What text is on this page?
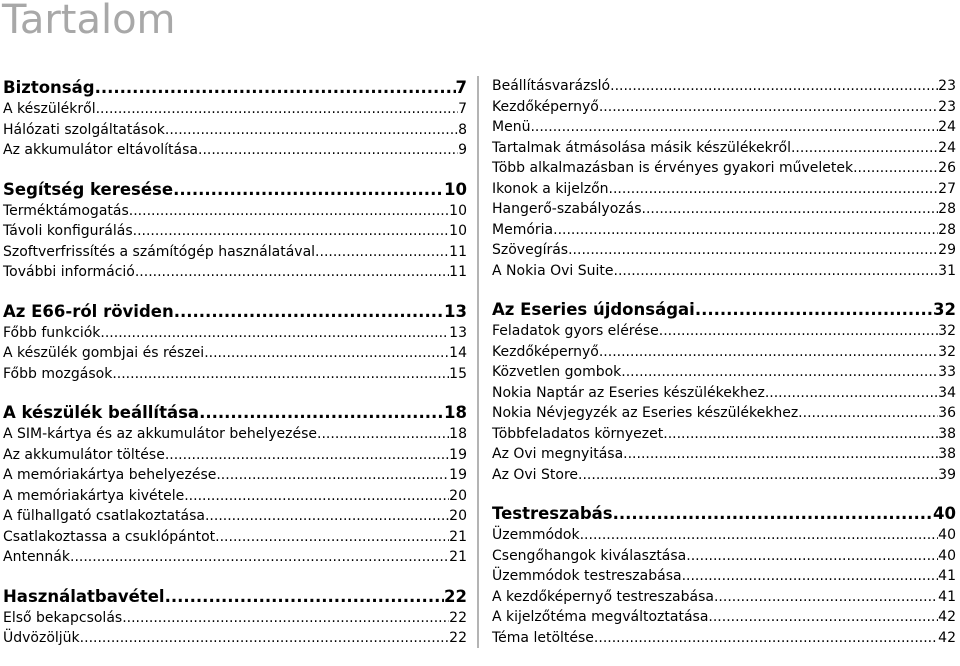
Tartalom
Biztonság .....	7
A készülékről .....	7
Hálózati szolgáltatások .....	8
Az akkumulátor eltávolítása .....	9
Segítség keresése .....	10
Terméktámogatás .....	10
Távoli konfigurálás .....	10
Szoftverfrissítés a számítógép használatával .....	11
További információ .....	11
Az E66-ról röviden .....	13
Főbb funkciók .....	13
A készülék gombjai és részei .....	14
Főbb mozgások .....	15
A készülék beállítása .....	18
A SIM-kártya és az akkumulátor behelyezése .....	18
Az akkumulátor töltése .....	19
A memóriakártya behelyezése .....	19
A memóriakártya kivétele .....	20
A fülhallgató csatlakoztatása .....	20
Csatlakoztassa a csuklópántot .....	21
Antennák .....	21
Használatbavétel .....	22
Első bekapcsolás .....	22
Üdvözöljük .....	22
Beállításvarázsló .....	23
Kezdőképernyő .....	23
Menü .....	24
Tartalmak átmásolása másik készülékekről .....	24
Több alkalmazásban is érvényes gyakori műveletek .....	26
Ikonok a kijelzőn .....	27
Hangerő-szabályozás .....	28
Memória .....	28
Szövegírás .....	29
A Nokia Ovi Suite .....	31
Az Eseries újdonságai .....	32
Feladatok gyors elérése .....	32
Kezdőképernyő .....	32
Közvetlen gombok .....	33
Nokia Naptár az Eseries készülékekhez .....	34
Nokia Névjegyzék az Eseries készülékekhez .....	36
Többfeladatos környezet .....	38
Az Ovi megnyitása .....	38
Az Ovi Store .....	39
Testreszabás .....	40
Üzemmódok .....	40
Csengőhangok kiválasztása .....	40
Üzemmódok testreszabása .....	41
A kezdőképernyő testreszabása .....	41
A kijelzőtéma megváltoztatása .....	42
Téma letöltése .....	42
